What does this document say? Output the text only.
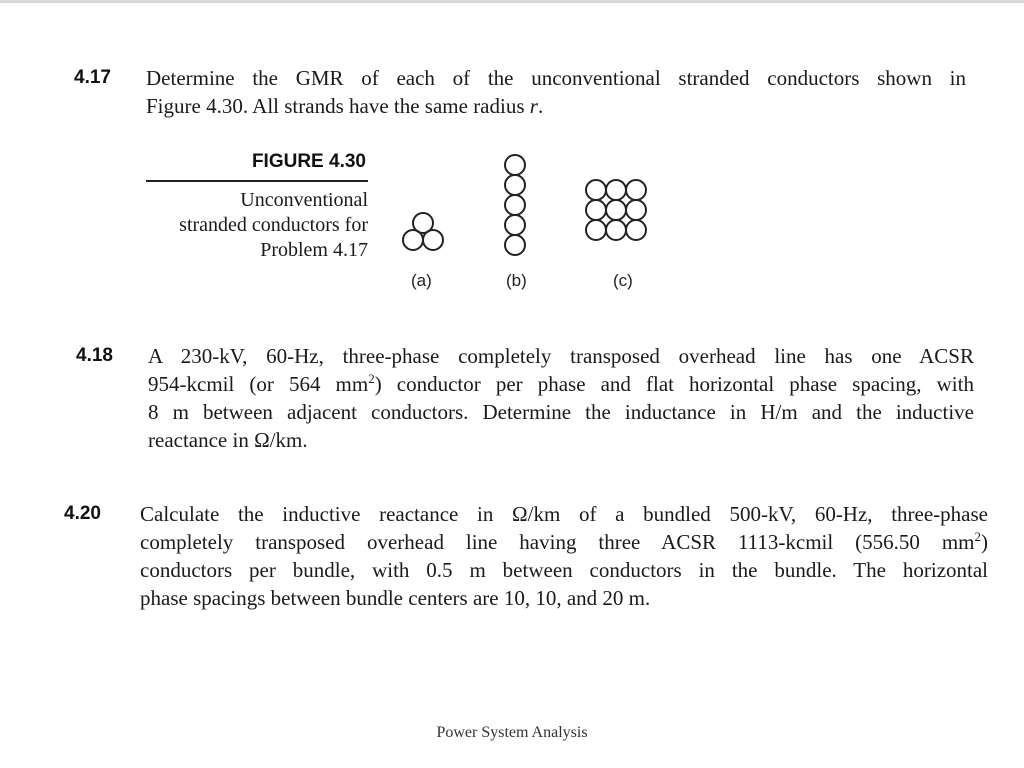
4.17 Determine the GMR of each of the unconventional stranded conductors shown in
Figure 4.30. All strands have the same radius r.
FIGURE 4.30
Unconventional
stranded conductors for
Problem 4.17
(a)	(b)	(c)
4.18 A 230-kV, 60-Hz, three-phase completely transposed overhead line has one ACSR
954-kcmil (or 564 $mm^2$) conductor per phase and flat horizontal phase spacing, with
8 m between adjacent conductors. Determine the inductance in H/m and the inductive
reactance in Ω/km.
4.20 Calculate the inductive reactance in Ω/km of a bundled 500-kV, 60-Hz, three-phase
completely transposed overhead line having three ACSR 1113-kcmil (556.50 $mm^2$)
conductors per bundle, with 0.5 m between conductors in the bundle. The horizontal
phase spacings between bundle centers are 10, 10, and 20 m.
Power System Analysis
